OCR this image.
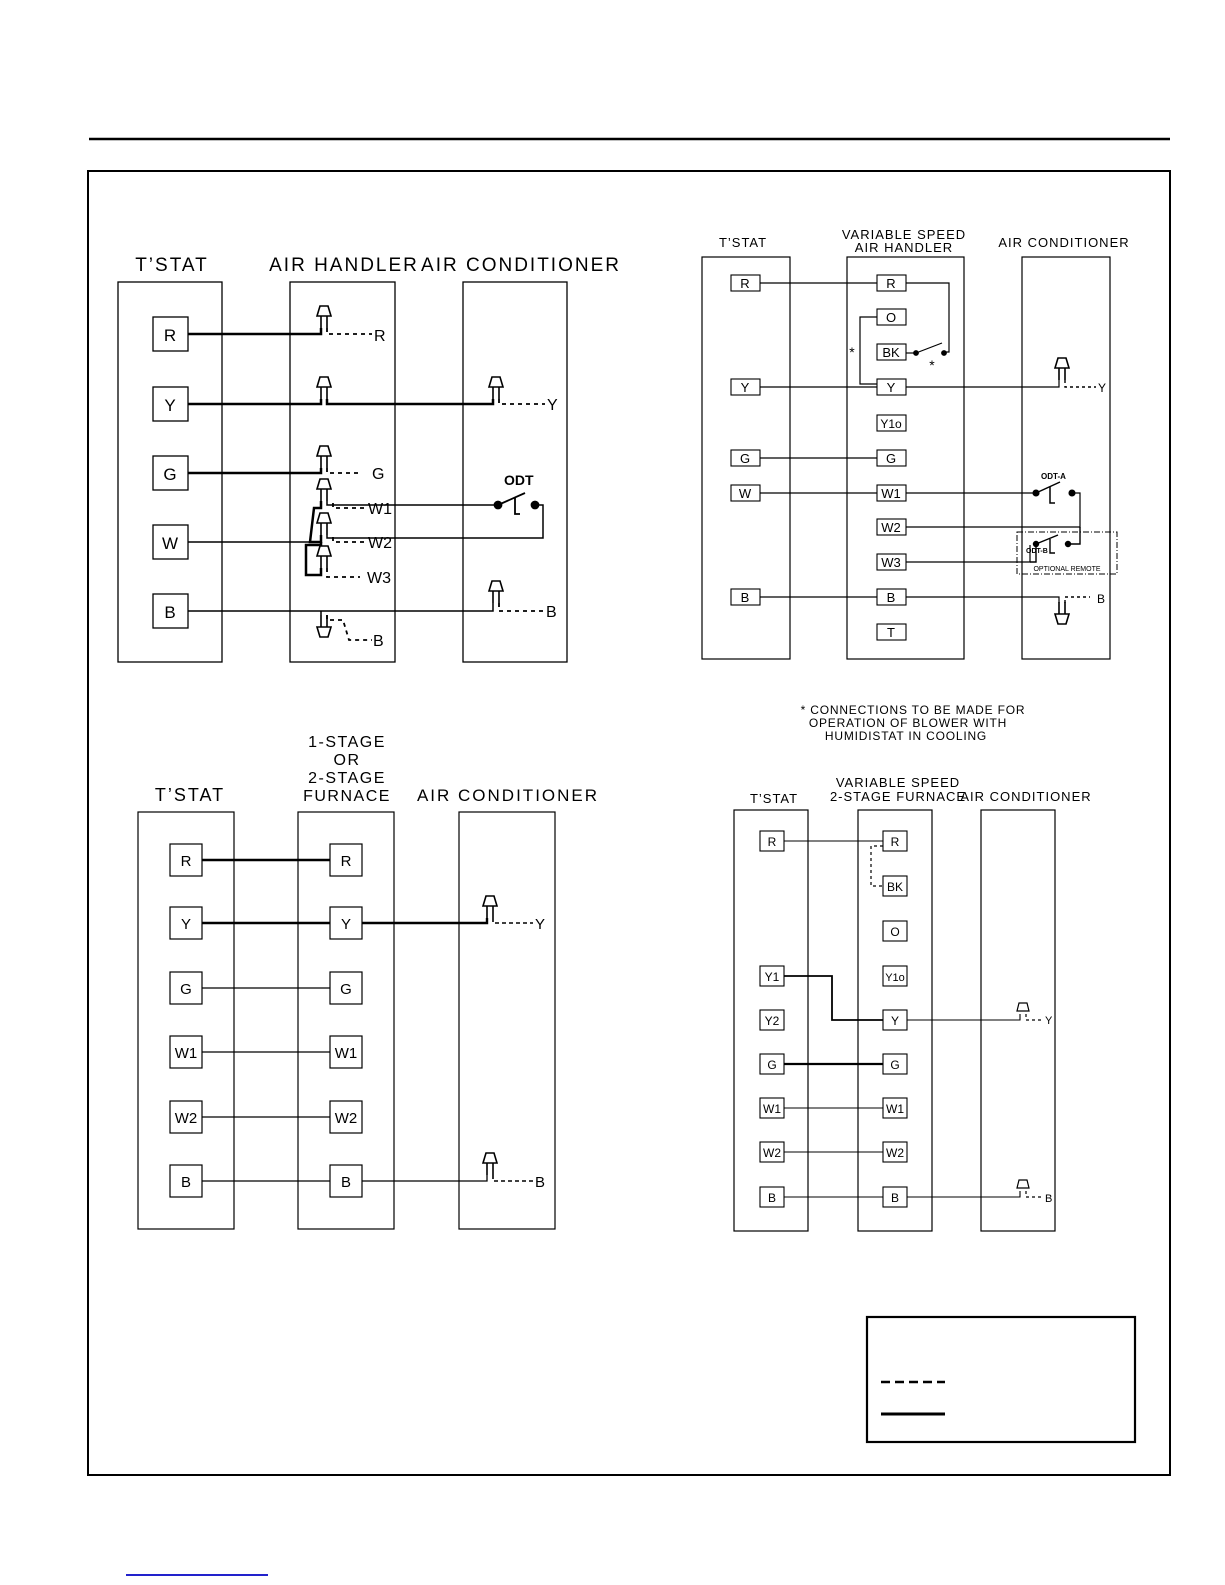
T’STAT	AIR HANDLER AIR CONDITIONER
R
Y
G
W
B
R
Y
G
W1
W2
W3
B
B
ODT
T’STAT
VARIABLE SPEED
AIR HANDLER	AIR CONDITIONER
R
Y
G
W
B
R
O
BK
Y
Y1o
G
W1
W2
W3
B
T
*
*
Y
B
ODT-A
ODT-B
OPTIONAL REMOTE
* CONNECTIONS TO BE MADE FOR
OPERATION OF BLOWER WITH
HUMIDISTAT IN COOLING
T’STAT
1-STAGE
OR
2-STAGE
FURNACE AIR CONDITIONER
R
Y
G
W1
W2
B
R
Y
G
W1
W2
B
Y
B
T’STAT
VARIABLE SPEED
2-STAGE FURNACE
AIR CONDITIONER
R
Y1
Y2
G
W1
W2
B
R
BK
O
Y1o
Y
G
W1
W2
B
Y
B
